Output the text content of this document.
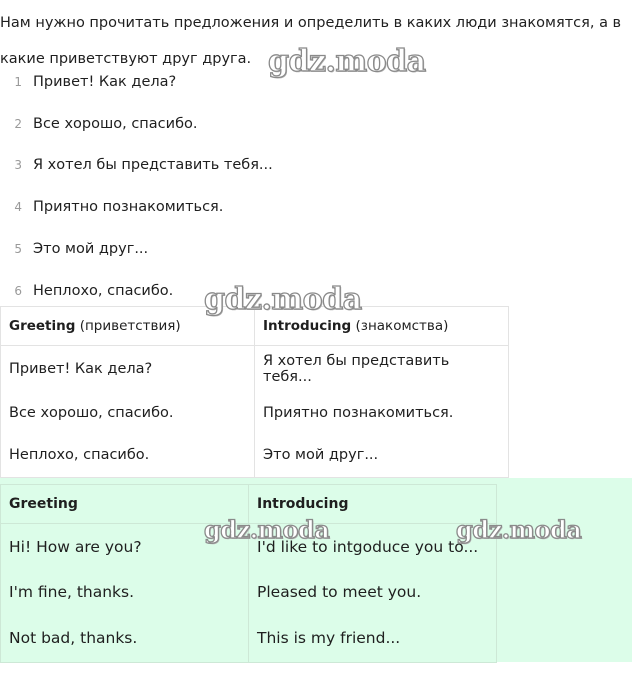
Нам нужно прочитать предложения и определить в каких люди знакомятся, а в какие приветствуют друг друга.

1 Привет! Как дела?
2 Все хорошо, спасибо.
3 Я хотел бы представить тебя...
4 Приятно познакомиться.
5 Это мой друг...
6 Неплохо, спасибо.
Greeting (приветствия)	Introducing (знакомства)
Привет! Как дела?	Я хотел бы представить тебя...
Все хорошо, спасибо.	Приятно познакомиться.
Неплохо, спасибо.	Это мой друг...
Greeting	Introducing
Hi! How are you?	I'd like to intgoduce you to...
I'm fine, thanks.	Pleased to meet you.
Not bad, thanks.	This is my friend...
gdz.moda
gdz.moda
gdz.moda	gdz.moda
